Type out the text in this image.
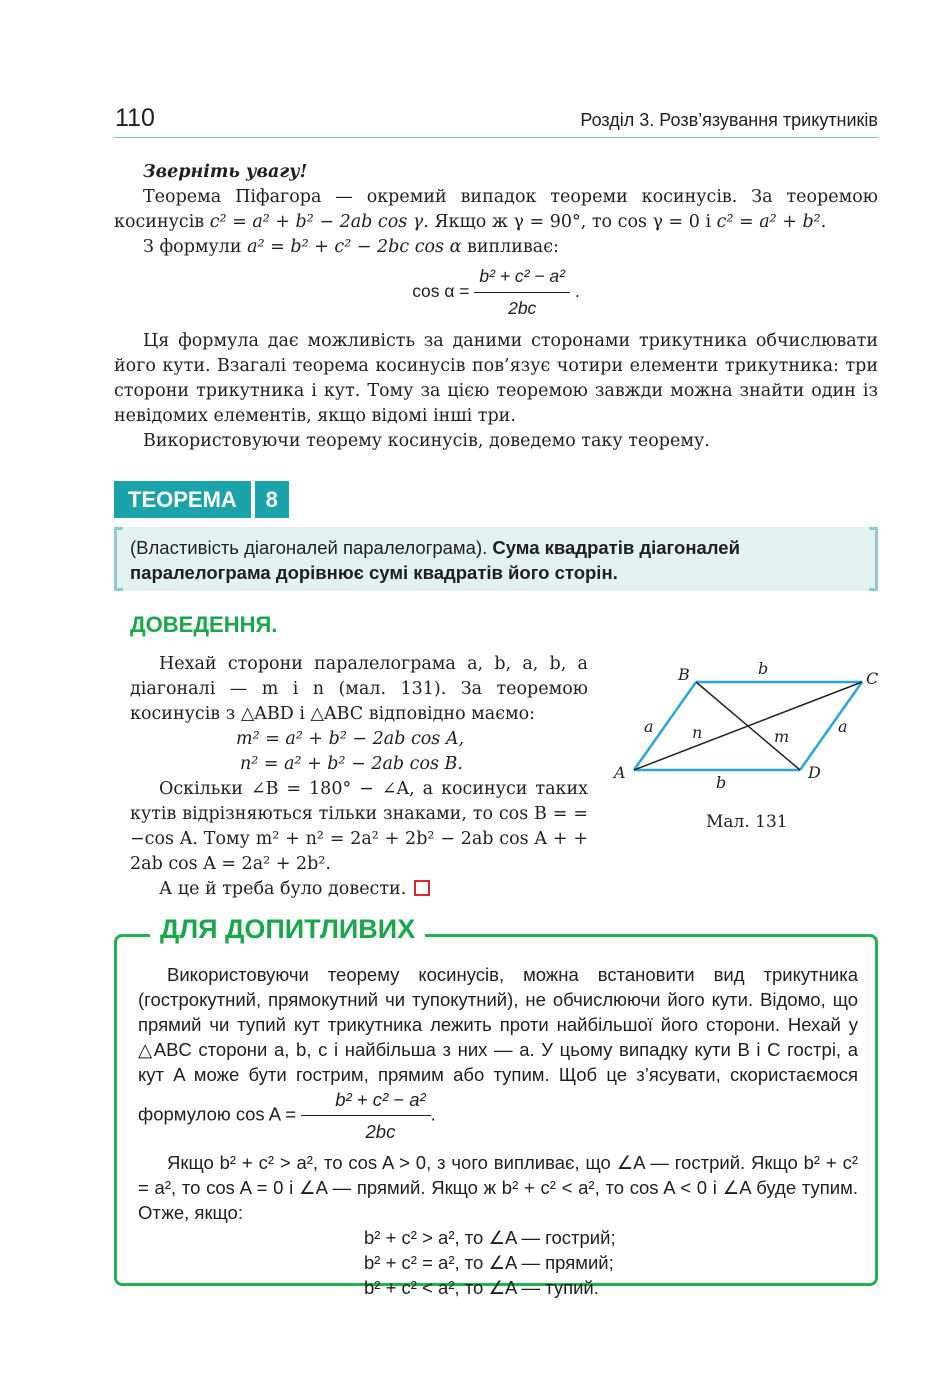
110	Розділ 3. Розв’язування трикутників
Зверніть увагу!
Теорема Піфагора — окремий випадок теореми косинусів. За теоремою косинусів c² = a² + b² − 2ab cos γ. Якщо ж γ = 90°, то cos γ = 0 і c² = a² + b².
З формули a² = b² + c² − 2bc cos α випливає:
$\cos \alpha = \frac{\text{b² + c² − a²}}{2bc}$ .
Ця формула дає можливість за даними сторонами трикутника обчислювати його кути. Взагалі теорема косинусів пов’язує чотири елементи трикутника: три сторони трикутника і кут. Тому за цією теоремою завжди можна знайти один із невідомих елементів, якщо відомі інші три.
Використовуючи теорему косинусів, доведемо таку теорему.
ТЕОРЕМА	8
(Властивість діагоналей паралелограма). Сума квадратів діагоналей паралелограма дорівнює сумі квадратів його сторін.
ДОВЕДЕННЯ.
Нехай сторони паралелограма a, b, a, b, а діагоналі — m і n (мал. 131). За теоремою косинусів з △ABD і △ABC відповідно маємо:
m² = a² + b² − 2ab cos A,
n² = a² + b² − 2ab cos B.
Оскільки ∠B = 180° − ∠A, а косинуси таких кутів відрізняються тільки знаками, то cos B = = −cos A. Тому m² + n² = 2a² + 2b² − 2ab cos A + + 2ab cos A = 2a² + 2b².
А це й треба було довести.
B	C
A	D
b
b
a	a
n	m
Мал. 131
ДЛЯ ДОПИТЛИВИХ
Використовуючи теорему косинусів, можна встановити вид трикутника (гострокутний, прямокутний чи тупокутний), не обчислюючи його кути. Відомо, що прямий чи тупий кут трикутника лежить проти найбільшої його сторони. Нехай у △ABC сторони a, b, c і найбільша з них — a. У цьому випадку кути B і C гострі, а кут A може бути гострим, прямим або тупим. Щоб це з’ясувати, скористаємося формулою $\cos A = \frac{\text{b² + c² − a²}}{2bc}$ .
Якщо b² + c² > a², то cos A > 0, з чого випливає, що ∠A — гострий. Якщо b² + c² = a², то cos A = 0 і ∠A — прямий. Якщо ж b² + c² < a², то cos A < 0 і ∠A буде тупим. Отже, якщо:
b² + c² > a², то ∠A — гострий;
b² + c² = a², то ∠A — прямий;
b² + c² < a², то ∠A — тупий.
